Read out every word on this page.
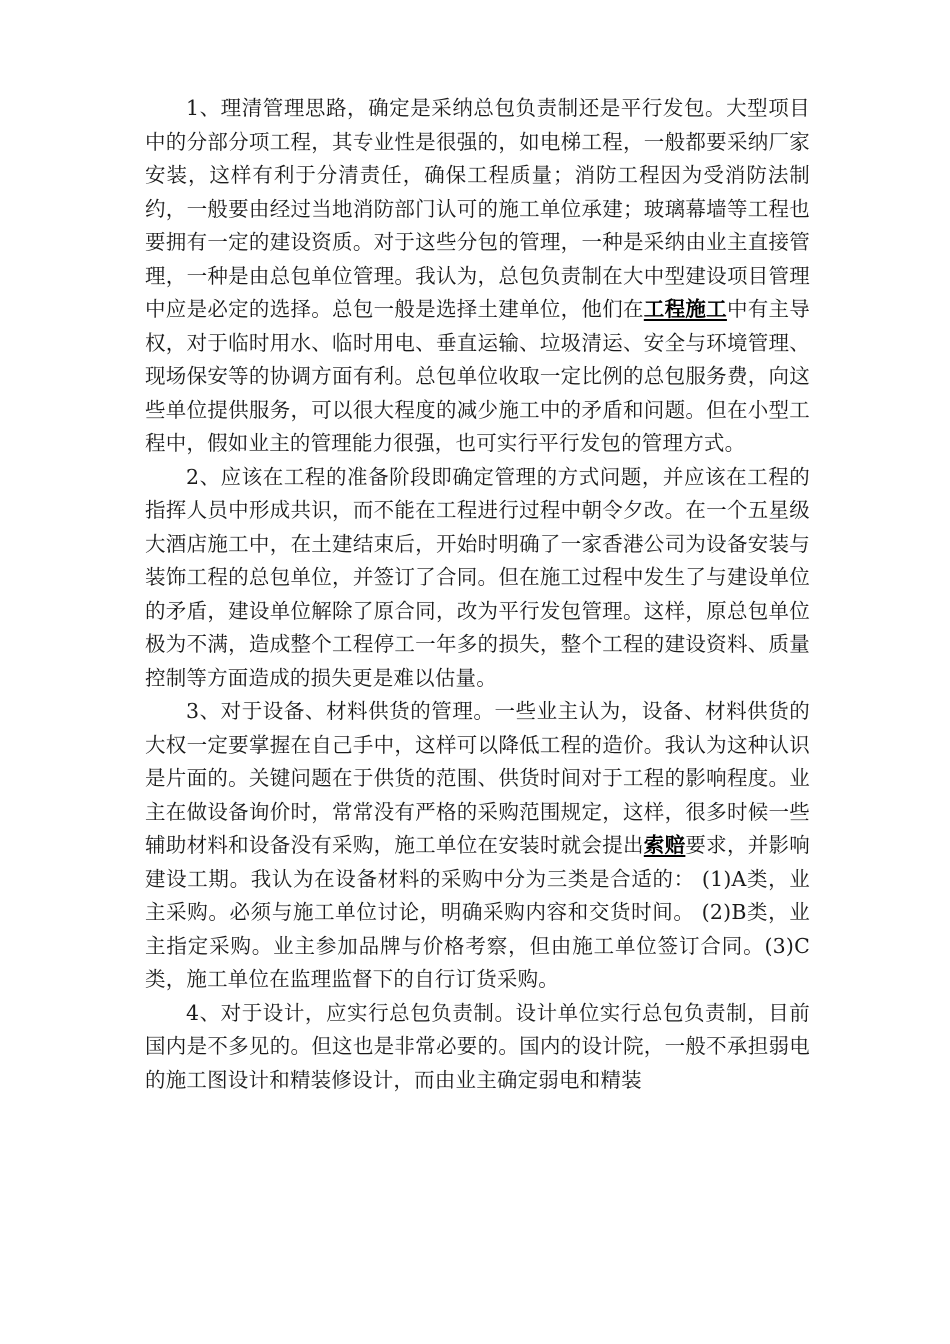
1、理清管理思路，确定是采纳总包负责制还是平行发包。大型项目中的分部分项工程，其专业性是很强的，如电梯工程，一般都要采纳厂家安装，这样有利于分清责任，确保工程质量；消防工程因为受消防法制约，一般要由经过当地消防部门认可的施工单位承建；玻璃幕墙等工程也要拥有一定的建设资质。对于这些分包的管理，一种是采纳由业主直接管理，一种是由总包单位管理。我认为，总包负责制在大中型建设项目管理中应是必定的选择。总包一般是选择土建单位，他们在工程施工中有主导权，对于临时用水、临时用电、垂直运输、垃圾清运、安全与环境管理、现场保安等的协调方面有利。总包单位收取一定比例的总包服务费，向这些单位提供服务，可以很大程度的减少施工中的矛盾和问题。但在小型工程中，假如业主的管理能力很强，也可实行平行发包的管理方式。

2、应该在工程的准备阶段即确定管理的方式问题，并应该在工程的指挥人员中形成共识，而不能在工程进行过程中朝令夕改。在一个五星级大酒店施工中，在土建结束后，开始时明确了一家香港公司为设备安装与装饰工程的总包单位，并签订了合同。但在施工过程中发生了与建设单位的矛盾，建设单位解除了原合同，改为平行发包管理。这样，原总包单位极为不满，造成整个工程停工一年多的损失，整个工程的建设资料、质量控制等方面造成的损失更是难以估量。

3、对于设备、材料供货的管理。一些业主认为，设备、材料供货的大权一定要掌握在自己手中，这样可以降低工程的造价。我认为这种认识是片面的。关键问题在于供货的范围、供货时间对于工程的影响程度。业主在做设备询价时，常常没有严格的采购范围规定，这样，很多时候一些辅助材料和设备没有采购，施工单位在安装时就会提出索赔要求，并影响建设工期。我认为在设备材料的采购中分为三类是合适的： (1)A类，业主采购。必须与施工单位讨论，明确采购内容和交货时间。 (2)B类，业主指定采购。业主参加品牌与价格考察，但由施工单位签订合同。(3)C类，施工单位在监理监督下的自行订货采购。

4、对于设计，应实行总包负责制。设计单位实行总包负责制，目前国内是不多见的。但这也是非常必要的。国内的设计院，一般不承担弱电的施工图设计和精装修设计，而由业主确定弱电和精装
